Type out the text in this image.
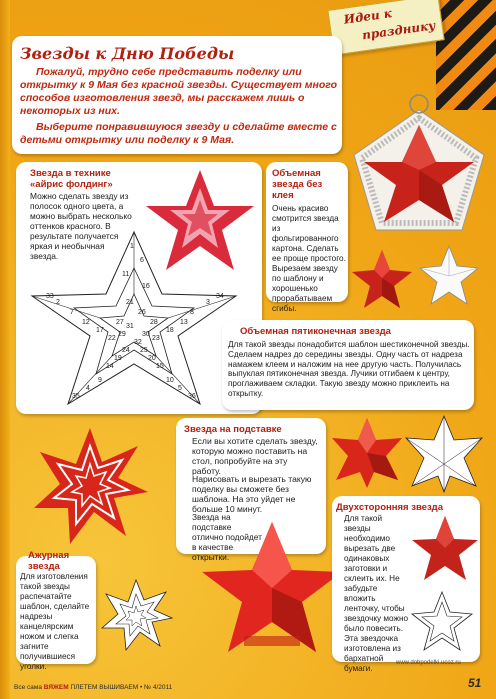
Идеи к
празднику
Звезды к Дню Победы

Пожалуй, трудно себе представить поделку или открытку к 9 Мая без красной звезды. Существует много способов изготовления звезд, мы расскажем лишь о некоторых из них.

Выберите понравившуюся звезду и сделайте вместе с детьми открытку или поделку к 9 Мая.

Звезда в технике «айрис фолдинг»
Можно сделать звезду из полосок одного цвета, а можно выбрать несколько оттенков красного. В результате получается яркая и необычная звезда.
1
2	3
4	5
6
7	8
9	10
11
12	13
14	15
16
17	18
19	20
21
22	23
24 25
26
27	28
29 30
31
32
33	34
35	36
Объемная звезда без клея
Очень красиво смотрится звезда из фольгированного картона. Сделать ее проще простого. Вырезаем звезду по шаблону и хорошенько прорабатываем сгибы.
Объемная пятиконечная звезда
Для такой звезды понадобится шаблон шестиконечной звезды. Сделаем надрез до середины звезды. Одну часть от надреза намажем клеем и наложим на нее другую часть. Получилась выпуклая пятиконечная звезда. Лучики отгибаем к центру, проглаживаем складки. Такую звезду можно приклеить на открытку.
Звезда на подставке
Если вы хотите сделать звезду, которую можно поставить на стол, попробуйте на эту работу.
Нарисовать и вырезать такую поделку вы сможете без шаблона. На это уйдет не больше 10 минут.
Звезда на подставке отлично подойдет в качестве открытки.
Ажурная звезда
Для изготовления такой звезды распечатайте шаблон, сделайте надрезы канцелярским ножом и слегка загните получившиеся уголки.
Двухсторонняя звезда
Для такой звезды необходимо вырезать две одинаковых заготовки и склеить их. Не забудьте вложить ленточку, чтобы звездочку можно было повесить. Эта звездочка изготовлена из бархатной бумаги.
www.dobpodelki.ucoz.ru
Все сама ВЯЖЕМ ПЛЕТЕМ ВЫШИВАЕМ • № 4/2011	51
